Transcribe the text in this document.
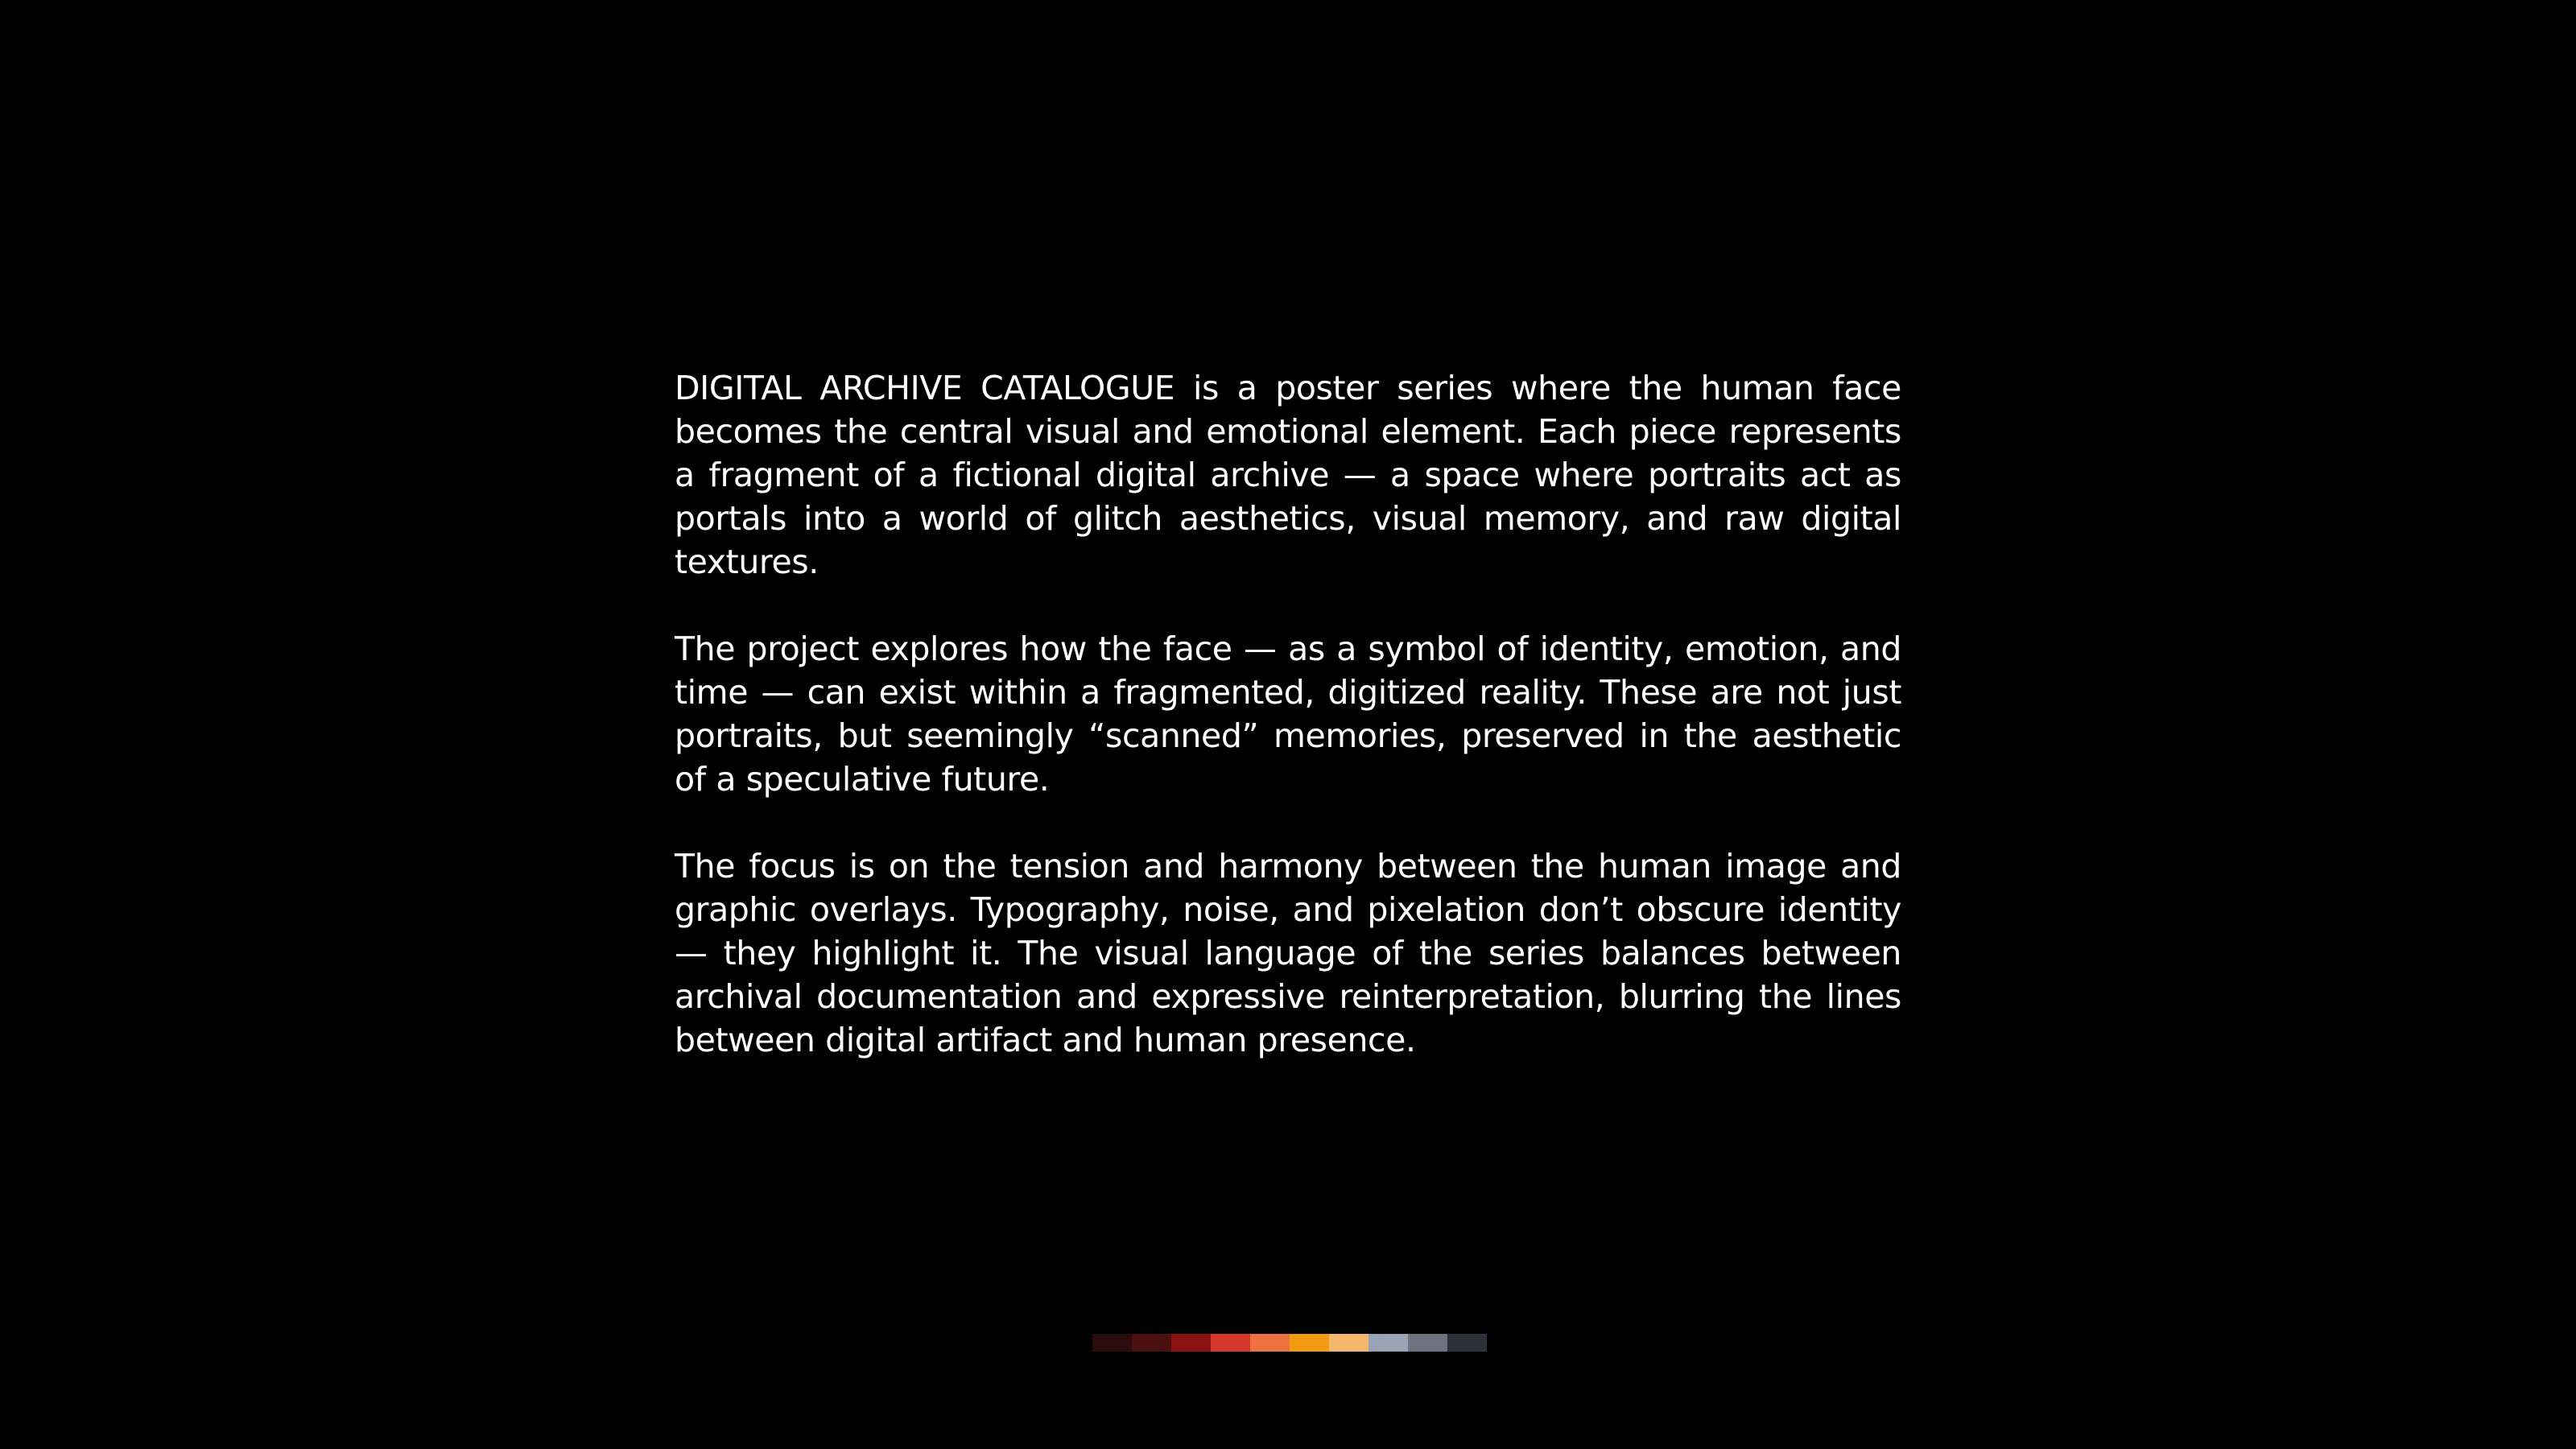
DIGITAL ARCHIVE CATALOGUE is a poster series where the human face becomes the central visual and emotional element. Each piece represents a fragment of a fictional digital archive — a space where portraits act as portals into a world of glitch aesthetics, visual memory, and raw digital textures.

The project explores how the face — as a symbol of identity, emotion, and time — can exist within a fragmented, digitized reality. These are not just portraits, but seemingly “scanned” memories, preserved in the aesthetic of a speculative future.

The focus is on the tension and harmony between the human image and graphic overlays. Typography, noise, and pixelation don’t obscure identity — they highlight it. The visual language of the series balances between archival documentation and expressive reinterpretation, blurring the lines between digital artifact and human presence.
